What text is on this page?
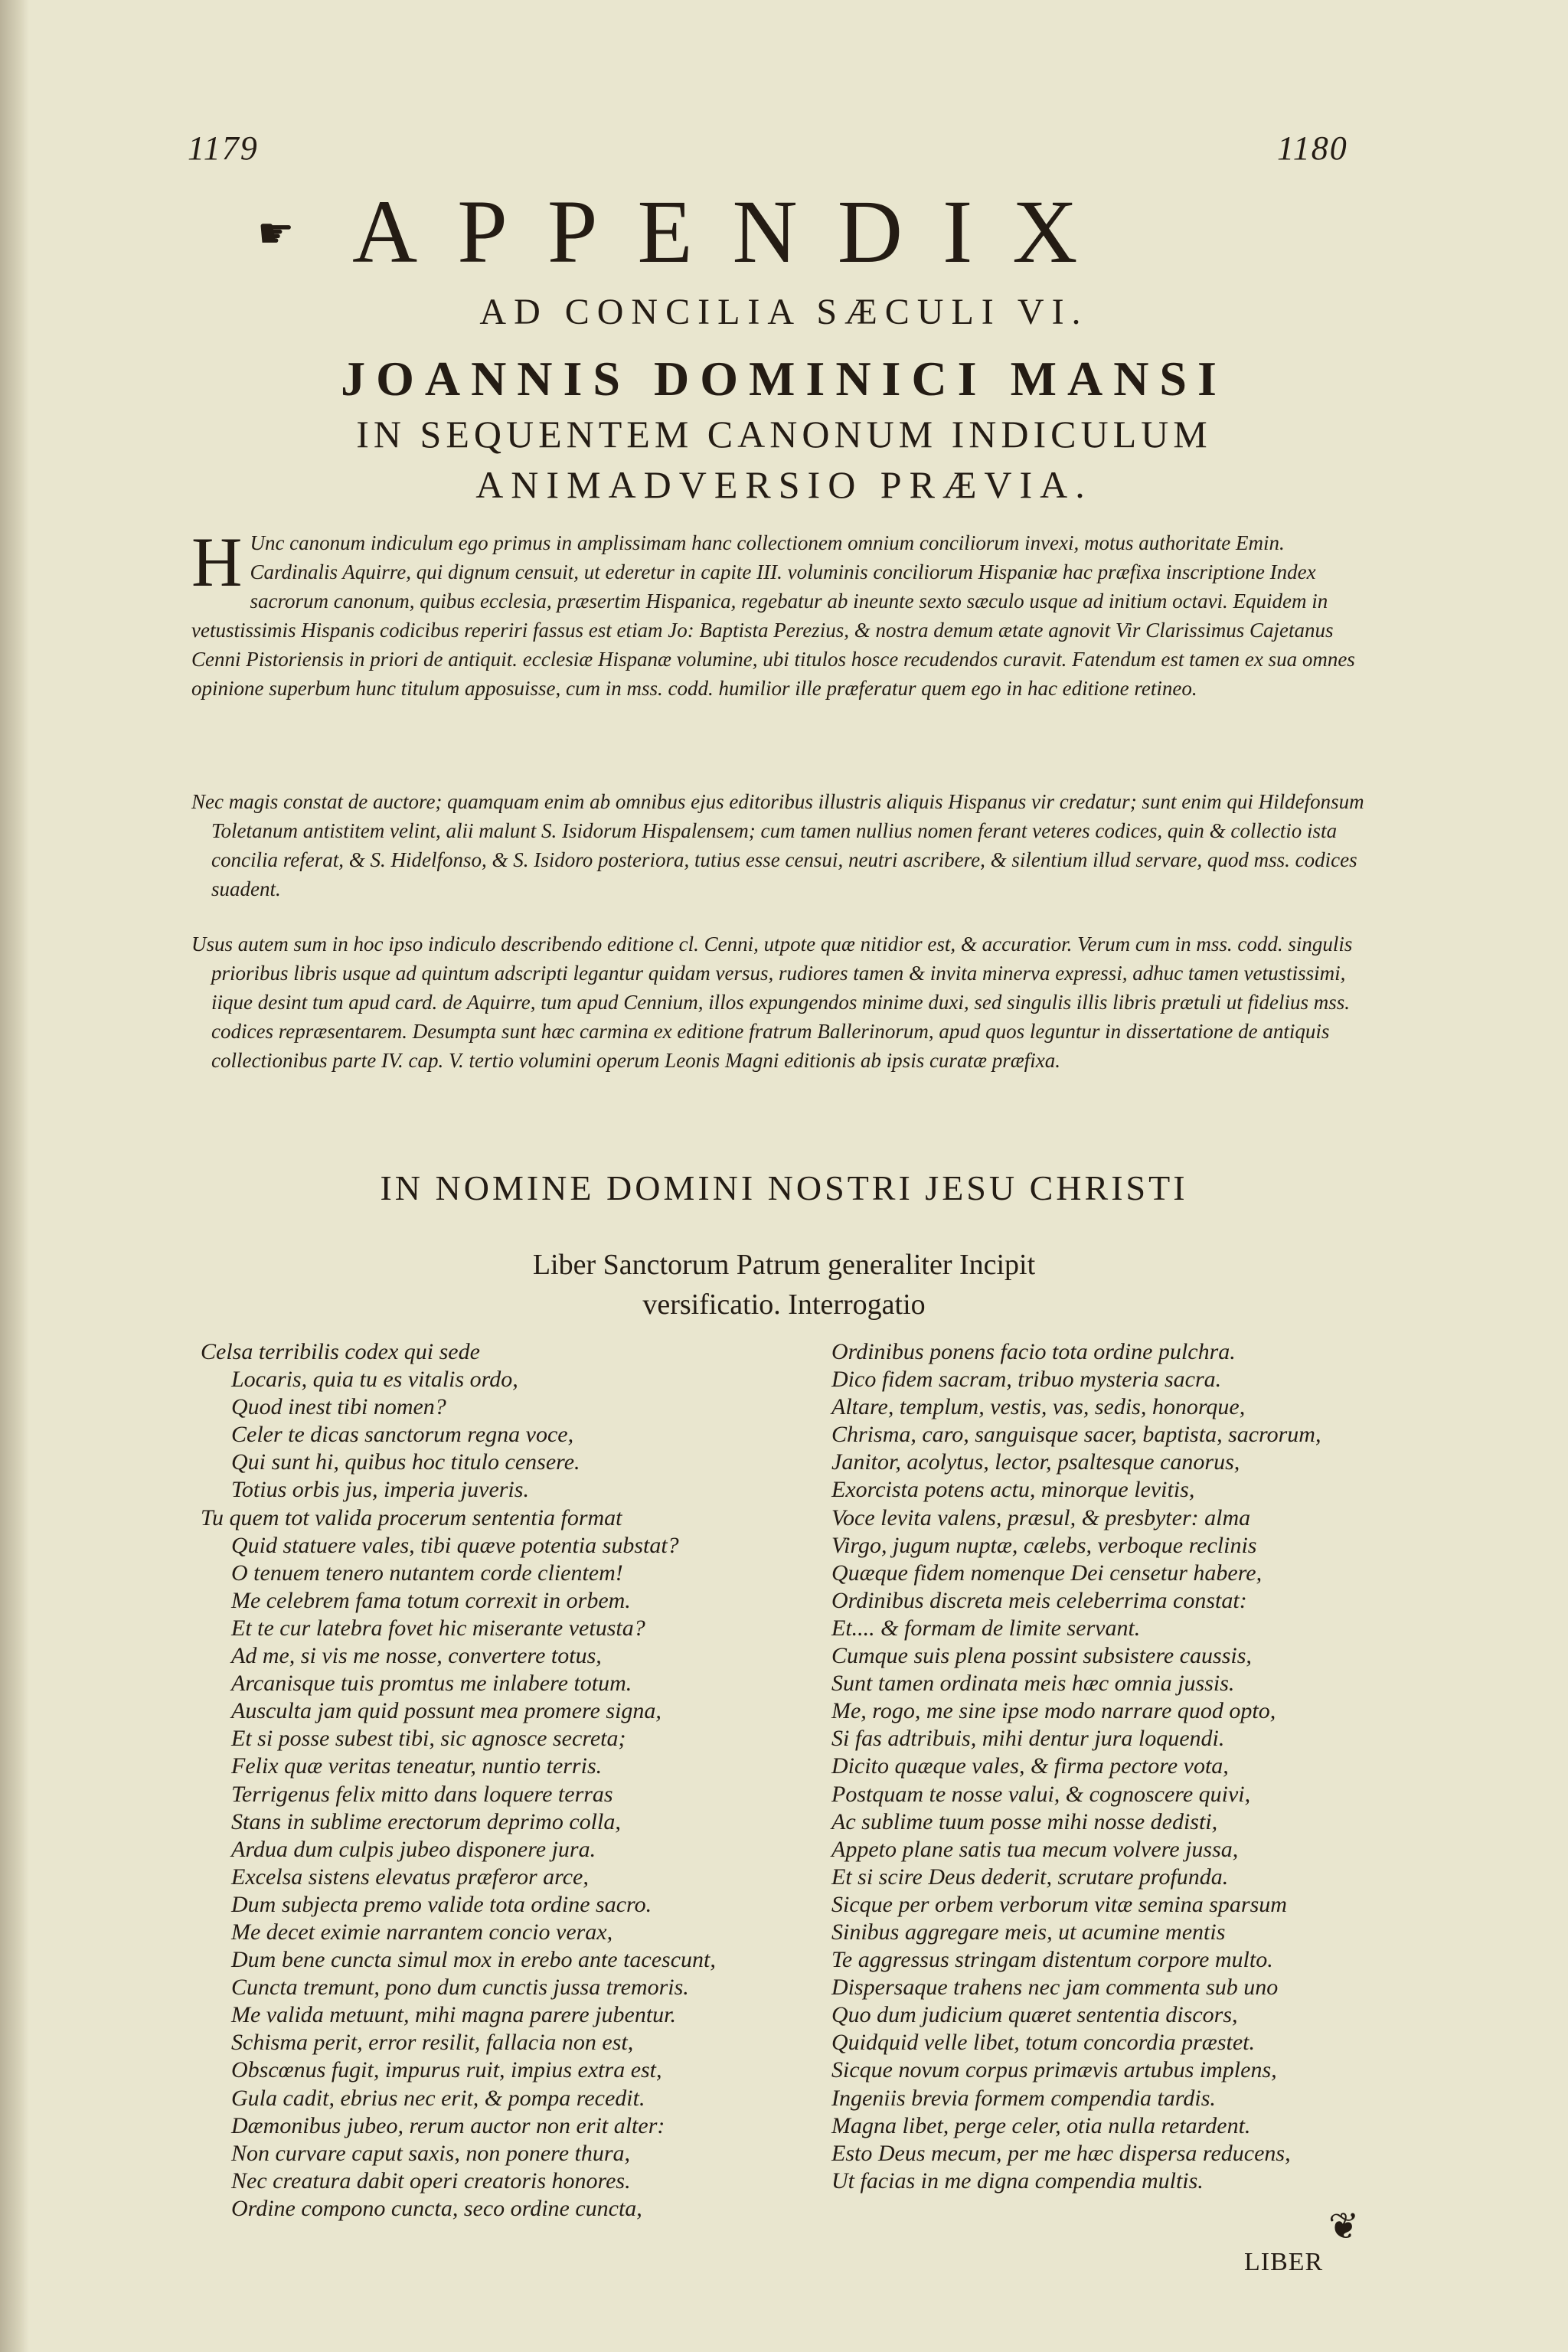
1179	1180
☛ APPENDIX
AD CONCILIA SÆCULI VI.
JOANNIS DOMINICI MANSI
IN SEQUENTEM CANONUM INDICULUM
ANIMADVERSIO PRÆVIA.
H Unc canonum indiculum ego primus in amplissimam hanc collectionem omnium conciliorum invexi, motus authoritate Emin. Cardinalis Aquirre, qui dignum censuit, ut ederetur in capite III. voluminis conciliorum Hispaniæ hac præfixa inscriptione Index sacrorum canonum, quibus ecclesia, præsertim Hispanica, regebatur ab ineunte sexto sæculo usque ad initium octavi. Equidem in vetustissimis Hispanis codicibus reperiri fassus est etiam Jo: Baptista Perezius, & nostra demum ætate agnovit Vir Clarissimus Cajetanus Cenni Pistoriensis in priori de antiquit. ecclesiæ Hispanæ volumine, ubi titulos hosce recudendos curavit. Fatendum est tamen ex sua omnes opinione superbum hunc titulum apposuisse, cum in mss. codd. humilior ille præferatur quem ego in hac editione retineo.
Nec magis constat de auctore; quamquam enim ab omnibus ejus editoribus illustris aliquis Hispanus vir credatur; sunt enim qui Hildefonsum Toletanum antistitem velint, alii malunt S. Isidorum Hispalensem; cum tamen nullius nomen ferant veteres codices, quin & collectio ista concilia referat, & S. Hidelfonso, & S. Isidoro posteriora, tutius esse censui, neutri ascribere, & silentium illud servare, quod mss. codices suadent.
Usus autem sum in hoc ipso indiculo describendo editione cl. Cenni, utpote quæ nitidior est, & accuratior. Verum cum in mss. codd. singulis prioribus libris usque ad quintum adscripti legantur quidam versus, rudiores tamen & invita minerva expressi, adhuc tamen vetustissimi, iique desint tum apud card. de Aquirre, tum apud Cennium, illos expungendos minime duxi, sed singulis illis libris prætuli ut fidelius mss. codices repræsentarem. Desumpta sunt hæc carmina ex editione fratrum Ballerinorum, apud quos leguntur in dissertatione de antiquis collectionibus parte IV. cap. V. tertio volumini operum Leonis Magni editionis ab ipsis curatæ præfixa.
IN NOMINE DOMINI NOSTRI JESU CHRISTI
Liber Sanctorum Patrum generaliter Incipit
versificatio. Interrogatio
Celsa terribilis codex qui sede
Locaris, quia tu es vitalis ordo,
Quod inest tibi nomen?
Celer te dicas sanctorum regna voce,
Qui sunt hi, quibus hoc titulo censere.
Totius orbis jus, imperia juveris.
Tu quem tot valida procerum sententia format
Quid statuere vales, tibi quæve potentia substat?
O tenuem tenero nutantem corde clientem!
Me celebrem fama totum correxit in orbem.
Et te cur latebra fovet hic miserante vetusta?
Ad me, si vis me nosse, convertere totus,
Arcanisque tuis promtus me inlabere totum.
Ausculta jam quid possunt mea promere signa,
Et si posse subest tibi, sic agnosce secreta;
Felix quæ veritas teneatur, nuntio terris.
Terrigenus felix mitto dans loquere terras
Stans in sublime erectorum deprimo colla,
Ardua dum culpis jubeo disponere jura.
Excelsa sistens elevatus præferor arce,
Dum subjecta premo valide tota ordine sacro.
Me decet eximie narrantem concio verax,
Dum bene cuncta simul mox in erebo ante tacescunt,
Cuncta tremunt, pono dum cunctis jussa tremoris.
Me valida metuunt, mihi magna parere jubentur.
Schisma perit, error resilit, fallacia non est,
Obscœnus fugit, impurus ruit, impius extra est,
Gula cadit, ebrius nec erit, & pompa recedit.
Dæmonibus jubeo, rerum auctor non erit alter:
Non curvare caput saxis, non ponere thura,
Nec creatura dabit operi creatoris honores.
Ordine compono cuncta, seco ordine cuncta,
Ordinibus ponens facio tota ordine pulchra.
Dico fidem sacram, tribuo mysteria sacra.
Altare, templum, vestis, vas, sedis, honorque,
Chrisma, caro, sanguisque sacer, baptista, sacrorum,
Janitor, acolytus, lector, psaltesque canorus,
Exorcista potens actu, minorque levitis,
Voce levita valens, præsul, & presbyter: alma
Virgo, jugum nuptæ, cælebs, verboque reclinis
Quæque fidem nomenque Dei censetur habere,
Ordinibus discreta meis celeberrima constat:
Et.... & formam de limite servant.
Cumque suis plena possint subsistere caussis,
Sunt tamen ordinata meis hæc omnia jussis.
Me, rogo, me sine ipse modo narrare quod opto,
Si fas adtribuis, mihi dentur jura loquendi.
Dicito quæque vales, & firma pectore vota,
Postquam te nosse valui, & cognoscere quivi,
Ac sublime tuum posse mihi nosse dedisti,
Appeto plane satis tua mecum volvere jussa,
Et si scire Deus dederit, scrutare profunda.
Sicque per orbem verborum vitæ semina sparsum
Sinibus aggregare meis, ut acumine mentis
Te aggressus stringam distentum corpore multo.
Dispersaque trahens nec jam commenta sub uno
Quo dum judicium quæret sententia discors,
Quidquid velle libet, totum concordia præstet.
Sicque novum corpus primævis artubus implens,
Ingeniis brevia formem compendia tardis.
Magna libet, perge celer, otia nulla retardent.
Esto Deus mecum, per me hæc dispersa reducens,
Ut facias in me digna compendia multis.
❦
LIBER
